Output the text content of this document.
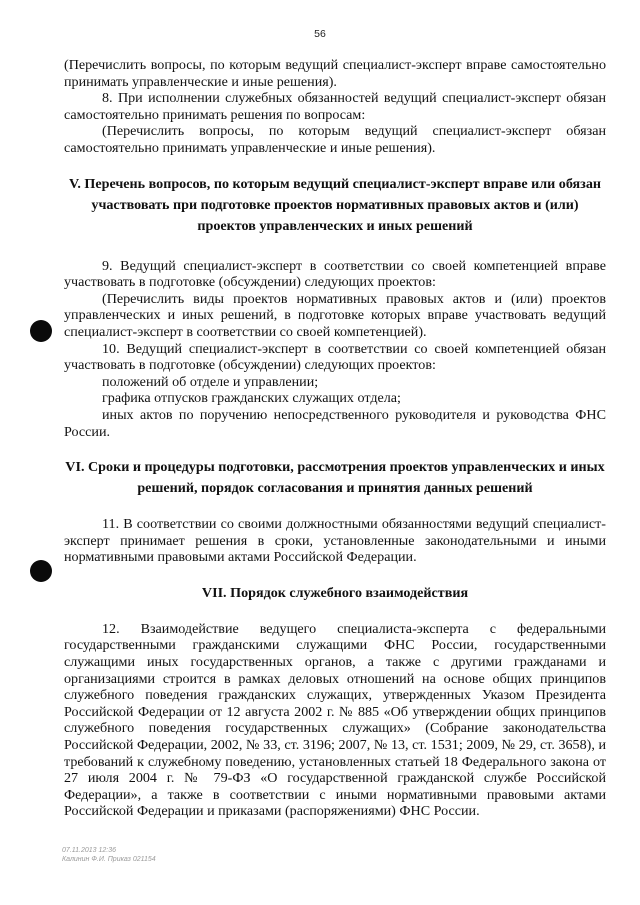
56

(Перечислить вопросы, по которым ведущий специалист-эксперт вправе самостоятельно принимать управленческие и иные решения).

8. При исполнении служебных обязанностей ведущий специалист-эксперт обязан самостоятельно принимать решения по вопросам:

(Перечислить вопросы, по которым ведущий специалист-эксперт обязан самостоятельно принимать управленческие и иные решения).

V. Перечень вопросов, по которым ведущий специалист-эксперт вправе или обязан участвовать при подготовке проектов нормативных правовых актов и (или) проектов управленческих и иных решений

9. Ведущий специалист-эксперт в соответствии со своей компетенцией вправе участвовать в подготовке (обсуждении) следующих проектов:

(Перечислить виды проектов нормативных правовых актов и (или) проектов управленческих и иных решений, в подготовке которых вправе участвовать ведущий специалист-эксперт в соответствии со своей компетенцией).

10. Ведущий специалист-эксперт в соответствии со своей компетенцией обязан участвовать в подготовке (обсуждении) следующих проектов:

положений об отделе и управлении;

графика отпусков гражданских служащих отдела;

иных актов по поручению непосредственного руководителя и руководства ФНС России.

VI. Сроки и процедуры подготовки, рассмотрения проектов управленческих и иных решений, порядок согласования и принятия данных решений

11. В соответствии со своими должностными обязанностями ведущий специалист-эксперт принимает решения в сроки, установленные законодательными и иными нормативными правовыми актами Российской Федерации.

VII. Порядок служебного взаимодействия

12. Взаимодействие ведущего специалиста-эксперта с федеральными государственными гражданскими служащими ФНС России, государственными служащими иных государственных органов, а также с другими гражданами и организациями строится в рамках деловых отношений на основе общих принципов служебного поведения гражданских служащих, утвержденных Указом Президента Российской Федерации от 12 августа 2002 г. № 885 «Об утверждении общих принципов служебного поведения государственных служащих» (Собрание законодательства Российской Федерации, 2002, № 33, ст. 3196; 2007, № 13, ст. 1531; 2009, № 29, ст. 3658), и требований к служебному поведению, установленных статьей 18 Федерального закона от 27 июля 2004 г. № 79-ФЗ «О государственной гражданской службе Российской Федерации», а также в соответствии с иными нормативными правовыми актами Российской Федерации и приказами (распоряжениями) ФНС России.

07.11.2013 12:36
Калинин Ф.И. Приказ 021154
